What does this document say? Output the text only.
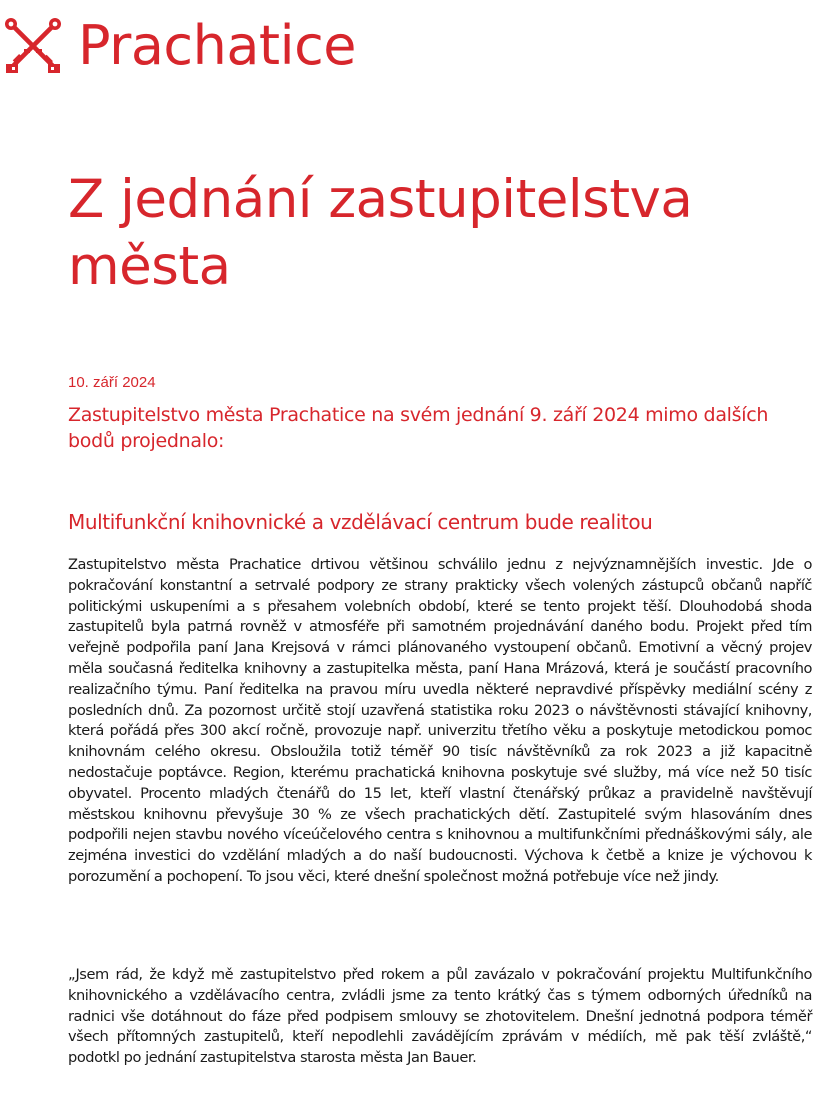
Prachatice
Z jednání zastupitelstva města
10. září 2024
Zastupitelstvo města Prachatice na svém jednání 9. září 2024 mimo dalších bodů projednalo:
Multifunkční knihovnické a vzdělávací centrum bude realitou

Zastupitelstvo města Prachatice drtivou většinou schválilo jednu z nejvýznamnějších investic. Jde o pokračování konstantní a setrvalé podpory ze strany prakticky všech volených zástupců občanů napříč politickými uskupeními a s přesahem volebních období, které se tento projekt těší. Dlouhodobá shoda zastupitelů byla patrná rovněž v atmosféře při samotném projednávání daného bodu. Projekt před tím veřejně podpořila paní Jana Krejsová v rámci plánovaného vystoupení občanů. Emotivní a věcný projev měla současná ředitelka knihovny a zastupitelka města, paní Hana Mrázová, která je součástí pracovního realizačního týmu. Paní ředitelka na pravou míru uvedla některé nepravdivé příspěvky mediální scény z posledních dnů. Za pozornost určitě stojí uzavřená statistika roku 2023 o návštěvnosti stávající knihovny, která pořádá přes 300 akcí ročně, provozuje např. univerzitu třetího věku a poskytuje metodickou pomoc knihovnám celého okresu. Obsloužila totiž téměř 90 tisíc návštěvníků za rok 2023 a již kapacitně nedostačuje poptávce. Region, kterému prachatická knihovna poskytuje své služby, má více než 50 tisíc obyvatel. Procento mladých čtenářů do 15 let, kteří vlastní čtenářský průkaz a pravidelně navštěvují městskou knihovnu převyšuje 30 % ze všech prachatických dětí. Zastupitelé svým hlasováním dnes podpořili nejen stavbu nového víceúčelového centra s knihovnou a multifunkčními přednáškovými sály, ale zejména investici do vzdělání mladých a do naší budoucnosti. Výchova k četbě a knize je výchovou k porozumění a pochopení. To jsou věci, které dnešní společnost možná potřebuje více než jindy.

„Jsem rád, že když mě zastupitelstvo před rokem a půl zavázalo v pokračování projektu Multifunkčního knihovnického a vzdělávacího centra, zvládli jsme za tento krátký čas s týmem odborných úředníků na radnici vše dotáhnout do fáze před podpisem smlouvy se zhotovitelem. Dnešní jednotná podpora téměř všech přítomných zastupitelů, kteří nepodlehli zavádějícím zprávám v médiích, mě pak těší zvláště,“ podotkl po jednání zastupitelstva starosta města Jan Bauer.
